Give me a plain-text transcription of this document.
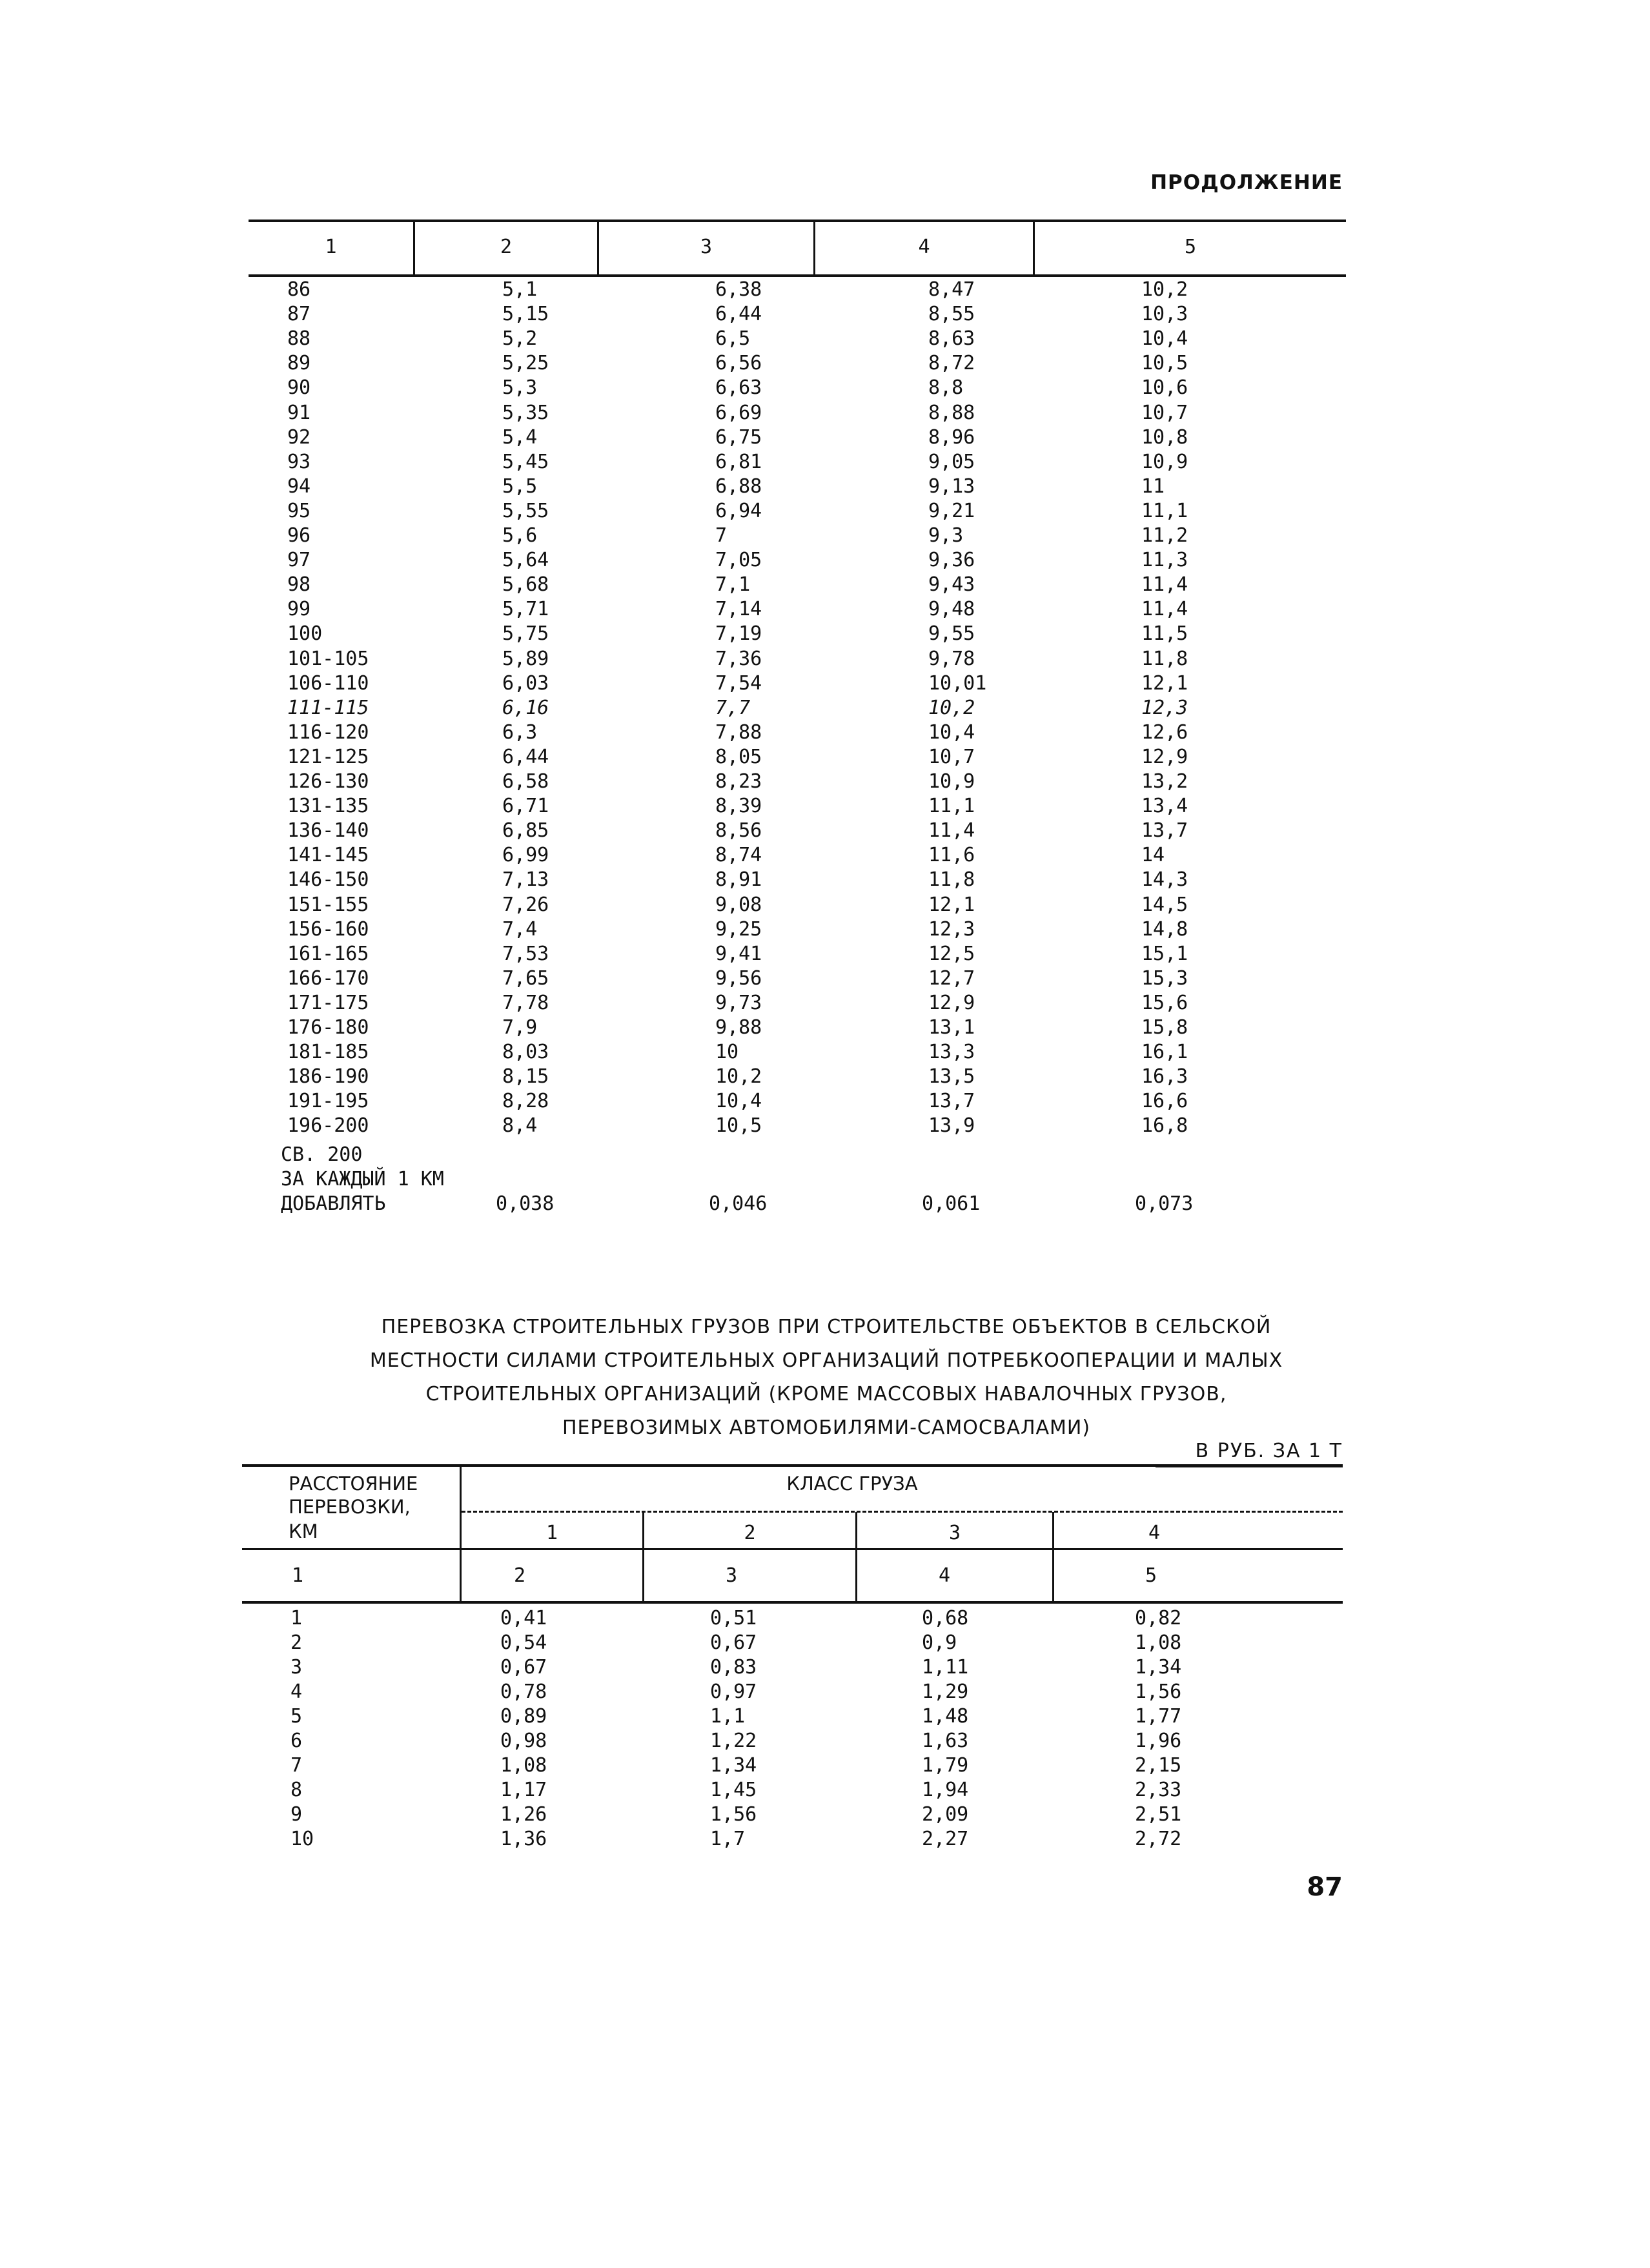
ПРОДОЛЖЕНИЕ
1	2	3	4	5
86	5,1	6,38	8,47	10,2
87	5,15	6,44	8,55	10,3
88	5,2	6,5	8,63	10,4
89	5,25	6,56	8,72	10,5
90	5,3	6,63	8,8	10,6
91	5,35	6,69	8,88	10,7
92	5,4	6,75	8,96	10,8
93	5,45	6,81	9,05	10,9
94	5,5	6,88	9,13	11
95	5,55	6,94	9,21	11,1
96	5,6	7	9,3	11,2
97	5,64	7,05	9,36	11,3
98	5,68	7,1	9,43	11,4
99	5,71	7,14	9,48	11,4
100	5,75	7,19	9,55	11,5
101-105	5,89	7,36	9,78	11,8
106-110	6,03	7,54	10,01	12,1
111-115	6,16	7,7	10,2	12,3
116-120	6,3	7,88	10,4	12,6
121-125	6,44	8,05	10,7	12,9
126-130	6,58	8,23	10,9	13,2
131-135	6,71	8,39	11,1	13,4
136-140	6,85	8,56	11,4	13,7
141-145	6,99	8,74	11,6	14
146-150	7,13	8,91	11,8	14,3
151-155	7,26	9,08	12,1	14,5
156-160	7,4	9,25	12,3	14,8
161-165	7,53	9,41	12,5	15,1
166-170	7,65	9,56	12,7	15,3
171-175	7,78	9,73	12,9	15,6
176-180	7,9	9,88	13,1	15,8
181-185	8,03	10	13,3	16,1
186-190	8,15	10,2	13,5	16,3
191-195	8,28	10,4	13,7	16,6
196-200	8,4	10,5	13,9	16,8
СВ. 200
ЗА КАЖДЫЙ 1 КМ
ДОБАВЛЯТЬ	0,038	0,046	0,061	0,073
ПЕРЕВОЗКА СТРОИТЕЛЬНЫХ ГРУЗОВ ПРИ СТРОИТЕЛЬСТВЕ ОБЪЕКТОВ В СЕЛЬСКОЙ
МЕСТНОСТИ СИЛАМИ СТРОИТЕЛЬНЫХ ОРГАНИЗАЦИЙ ПОТРЕБКООПЕРАЦИИ И МАЛЫХ
СТРОИТЕЛЬНЫХ ОРГАНИЗАЦИЙ (КРОМЕ МАССОВЫХ НАВАЛОЧНЫХ ГРУЗОВ,
ПЕРЕВОЗИМЫХ АВТОМОБИЛЯМИ-САМОСВАЛАМИ)
В РУБ. ЗА 1 Т
РАССТОЯНИЕ
ПЕРЕВОЗКИ,
КМ
КЛАСС ГРУЗА
1	2	3	4
1	2	3	4	5
1	0,41	0,51	0,68	0,82
2	0,54	0,67	0,9	1,08
3	0,67	0,83	1,11	1,34
4	0,78	0,97	1,29	1,56
5	0,89	1,1	1,48	1,77
6	0,98	1,22	1,63	1,96
7	1,08	1,34	1,79	2,15
8	1,17	1,45	1,94	2,33
9	1,26	1,56	2,09	2,51
10	1,36	1,7	2,27	2,72
87
